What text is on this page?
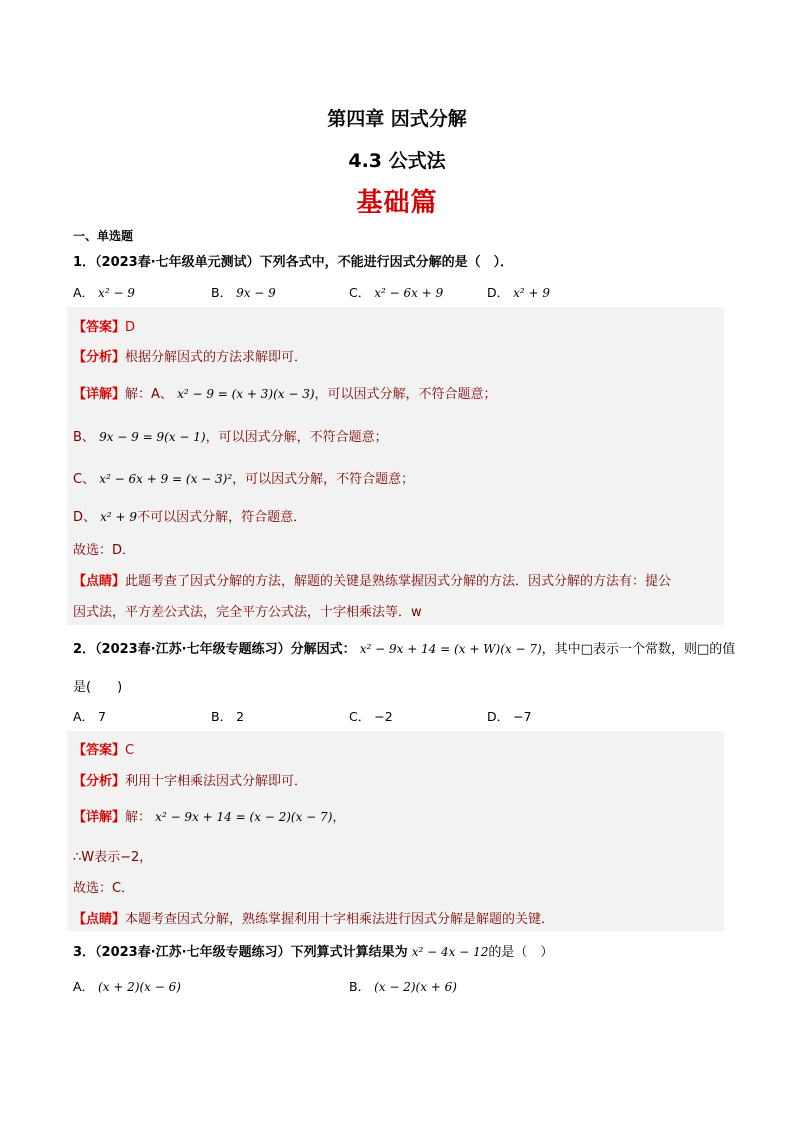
第四章 因式分解
4.3 公式法
基础篇
一、单选题
1．（2023春·七年级单元测试）下列各式中，不能进行因式分解的是（　）．
A． x² − 9	B． 9x − 9	C． x² − 6x + 9	D． x² + 9
【答案】D
【分析】根据分解因式的方法求解即可．
【详解】解：A、 x² − 9 = (x + 3)(x − 3)，可以因式分解，不符合题意；
B、 9x − 9 = 9(x − 1)，可以因式分解，不符合题意；
C、 x² − 6x + 9 = (x − 3)²，可以因式分解，不符合题意；
D、 x² + 9不可以因式分解，符合题意．
故选：D．
【点睛】此题考查了因式分解的方法，解题的关键是熟练掌握因式分解的方法．因式分解的方法有：提公
因式法，平方差公式法，完全平方公式法，十字相乘法等．w
2．（2023春·江苏·七年级专题练习）分解因式： x² − 9x + 14 = (x + W)(x − 7)，其中□表示一个常数，则□的值
是(　　)
A． 7	B． 2	C． −2	D． −7
【答案】C
【分析】利用十字相乘法因式分解即可．
【详解】解： x² − 9x + 14 = (x − 2)(x − 7)，
∴W表示−2，
故选：C．
【点睛】本题考查因式分解，熟练掌握利用十字相乘法进行因式分解是解题的关键．
3．（2023春·江苏·七年级专题练习）下列算式计算结果为 x² − 4x − 12的是（　）
A． (x + 2)(x − 6)	B． (x − 2)(x + 6)
